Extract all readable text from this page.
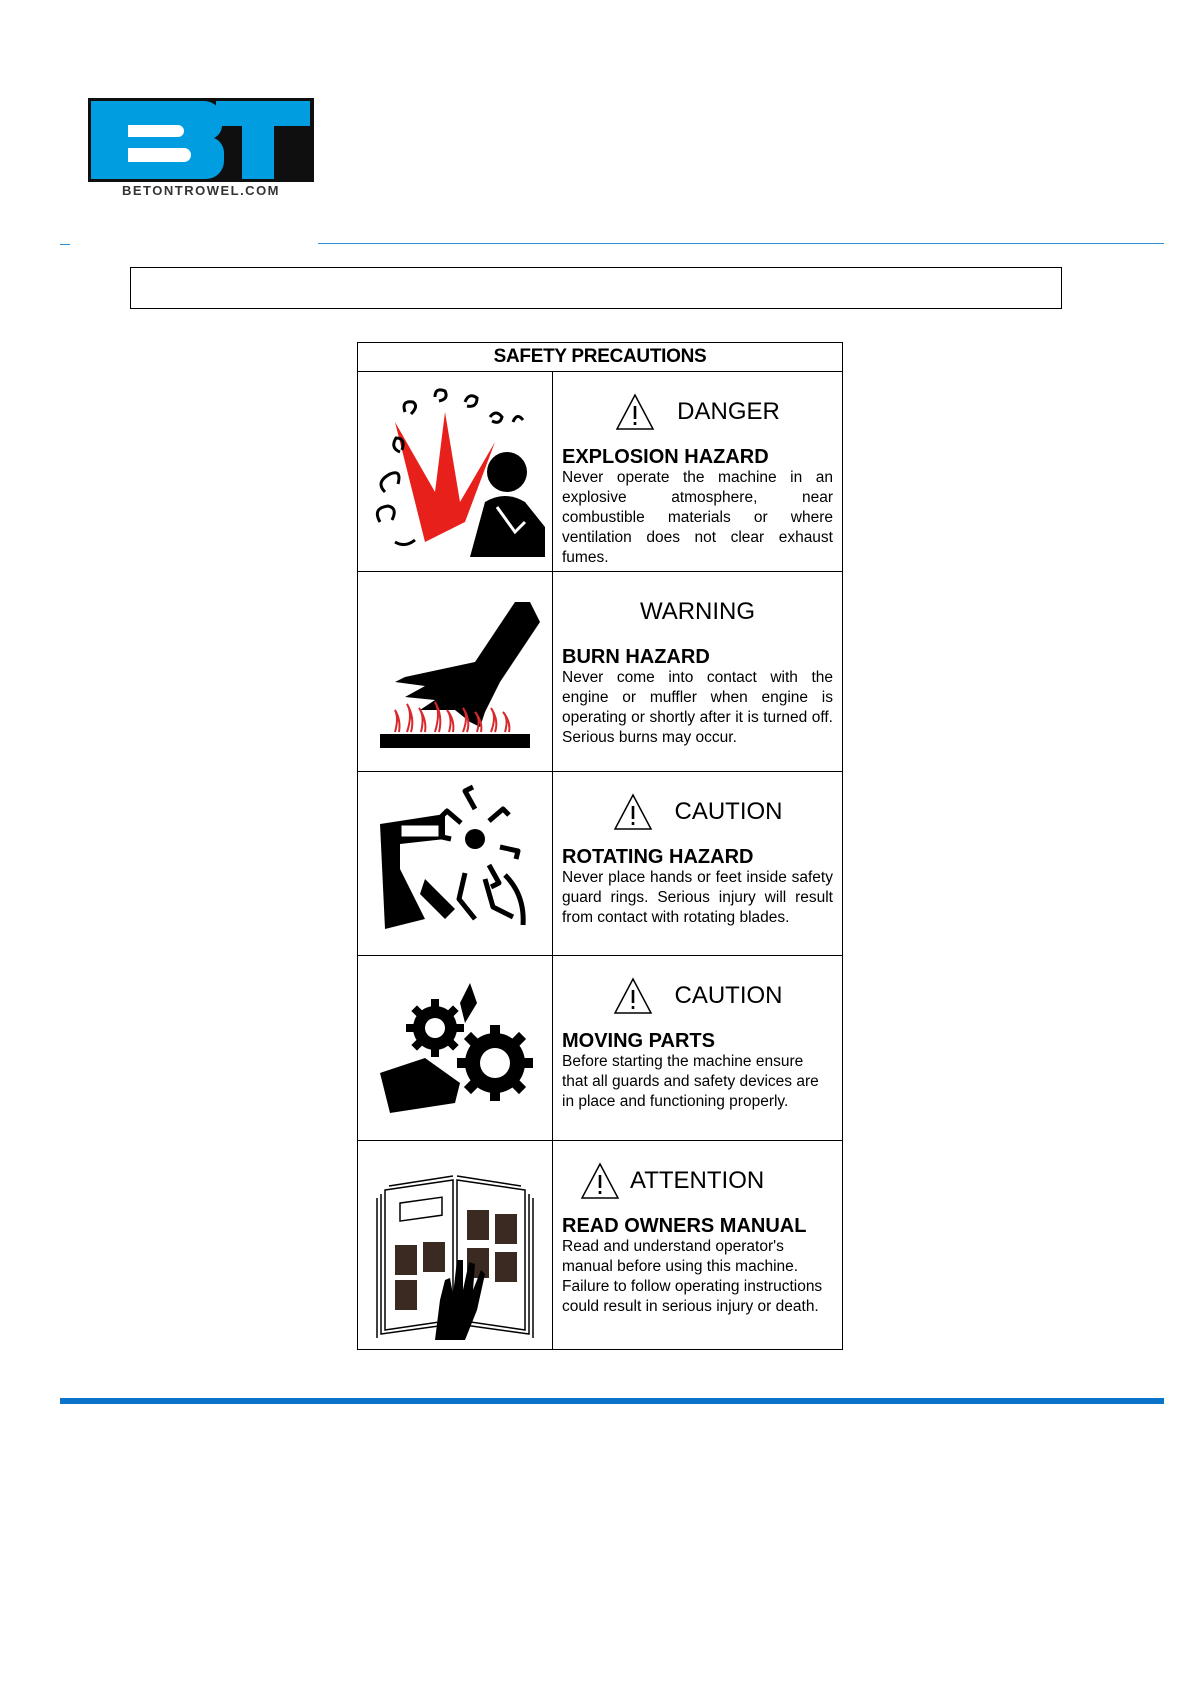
BETONTROWEL.COM
SAFETY PRECAUTIONS
DANGER
EXPLOSION HAZARD
Never operate the machine in an explosive atmosphere, near combustible materials or where ventilation does not clear exhaust fumes.
WARNING
BURN HAZARD
Never come into contact with the engine or muffler when engine is operating or shortly after it is turned off. Serious burns may occur.
CAUTION
ROTATING HAZARD
Never place hands or feet inside safety guard rings. Serious injury will result from contact with rotating blades.
CAUTION
MOVING PARTS
Before starting the machine ensure that all guards and safety devices are in place and functioning properly.
ATTENTION
READ OWNERS MANUAL
Read and understand operator's manual before using this machine. Failure to follow operating instructions could result in serious injury or death.
